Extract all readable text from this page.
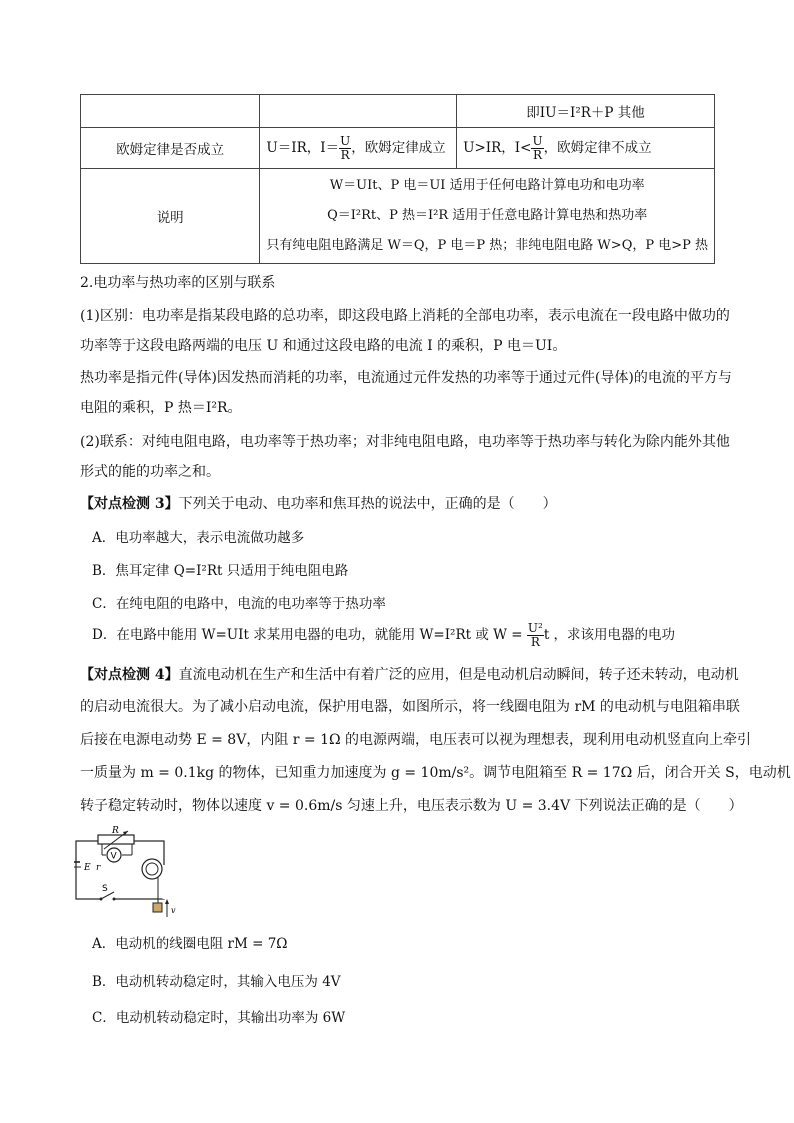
		即IU＝I²R＋P 其他
欧姆定律是否成立	U＝IR，$I= \frac{U}{R}$ ，欧姆定律成立	U>IR，$I< \frac{U}{R}$ ，欧姆定律不成立
说明	W＝UIt、P 电＝UI 适用于任何电路计算电功和电功率
Q＝I²Rt、P 热＝I²R 适用于任意电路计算电热和热功率
只有纯电阻电路满足 W＝Q，P 电＝P 热；非纯电阻电路 W>Q，P 电>P 热	
2.电功率与热功率的区别与联系
(1)区别：电功率是指某段电路的总功率，即这段电路上消耗的全部电功率，表示电流在一段电路中做功的
功率等于这段电路两端的电压 U 和通过这段电路的电流 I 的乘积，P 电＝UI。
热功率是指元件(导体)因发热而消耗的功率，电流通过元件发热的功率等于通过元件(导体)的电流的平方与
电阻的乘积，P 热＝I²R。
(2)联系：对纯电阻电路，电功率等于热功率；对非纯电阻电路，电功率等于热功率与转化为除内能外其他
形式的能的功率之和。
【对点检测 3】下列关于电动、电功率和焦耳热的说法中，正确的是（　　）
A．电功率越大，表示电流做功越多
B．焦耳定律 Q=I²Rt 只适用于纯电阻电路
C．在纯电阻的电路中，电流的电功率等于热功率
D．在电路中能用 W=UIt 求某用电器的电功，就能用 W=I²Rt 或 $W = \frac{\text{U²}}{R}$ t ，求该用电器的电功
【对点检测 4】直流电动机在生产和生活中有着广泛的应用，但是电动机启动瞬间，转子还未转动，电动机
的启动电流很大。为了减小启动电流，保护用电器，如图所示，将一线圈电阻为 rM 的电动机与电阻箱串联
后接在电源电动势 E = 8V，内阻 r = 1Ω 的电源两端，电压表可以视为理想表，现利用电动机竖直向上牵引
一质量为 m = 0.1kg 的物体，已知重力加速度为 g = 10m/s²。调节电阻箱至 R = 17Ω 后，闭合开关 S，电动机
转子稳定转动时，物体以速度 v = 0.6m/s 匀速上升，电压表示数为 U = 3.4V 下列说法正确的是（　　）
R
V
v
E r
S
A．电动机的线圈电阻 rM = 7Ω
B．电动机转动稳定时，其输入电压为 4V
C．电动机转动稳定时，其输出功率为 6W
